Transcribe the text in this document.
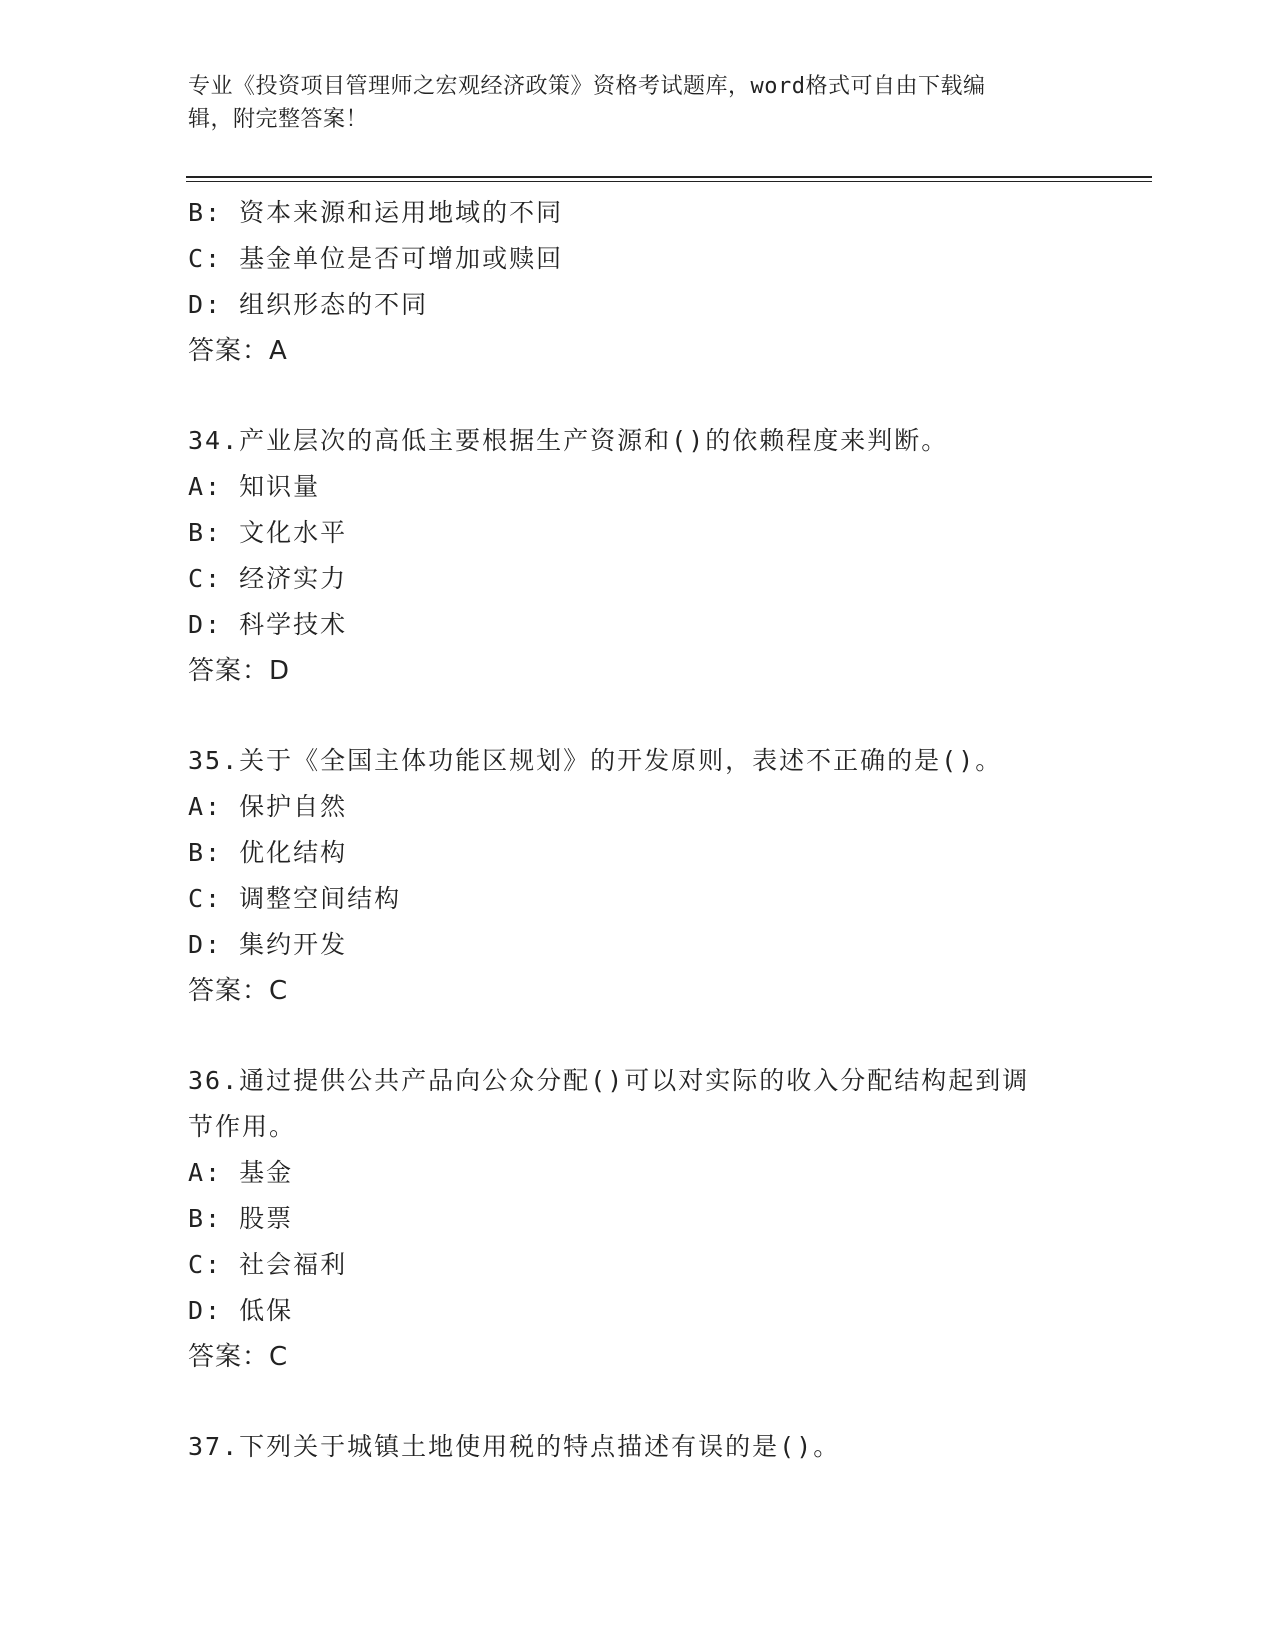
专业《投资项目管理师之宏观经济政策》资格考试题库，word格式可自由下载编
辑，附完整答案！
B: 资本来源和运用地域的不同
C: 基金单位是否可增加或赎回
D: 组织形态的不同
答案：A
34.产业层次的高低主要根据生产资源和()的依赖程度来判断。
A: 知识量
B: 文化水平
C: 经济实力
D: 科学技术
答案：D
35.关于《全国主体功能区规划》的开发原则，表述不正确的是()。
A: 保护自然
B: 优化结构
C: 调整空间结构
D: 集约开发
答案：C
36.通过提供公共产品向公众分配()可以对实际的收入分配结构起到调
节作用。
A: 基金
B: 股票
C: 社会福利
D: 低保
答案：C
37.下列关于城镇土地使用税的特点描述有误的是()。
